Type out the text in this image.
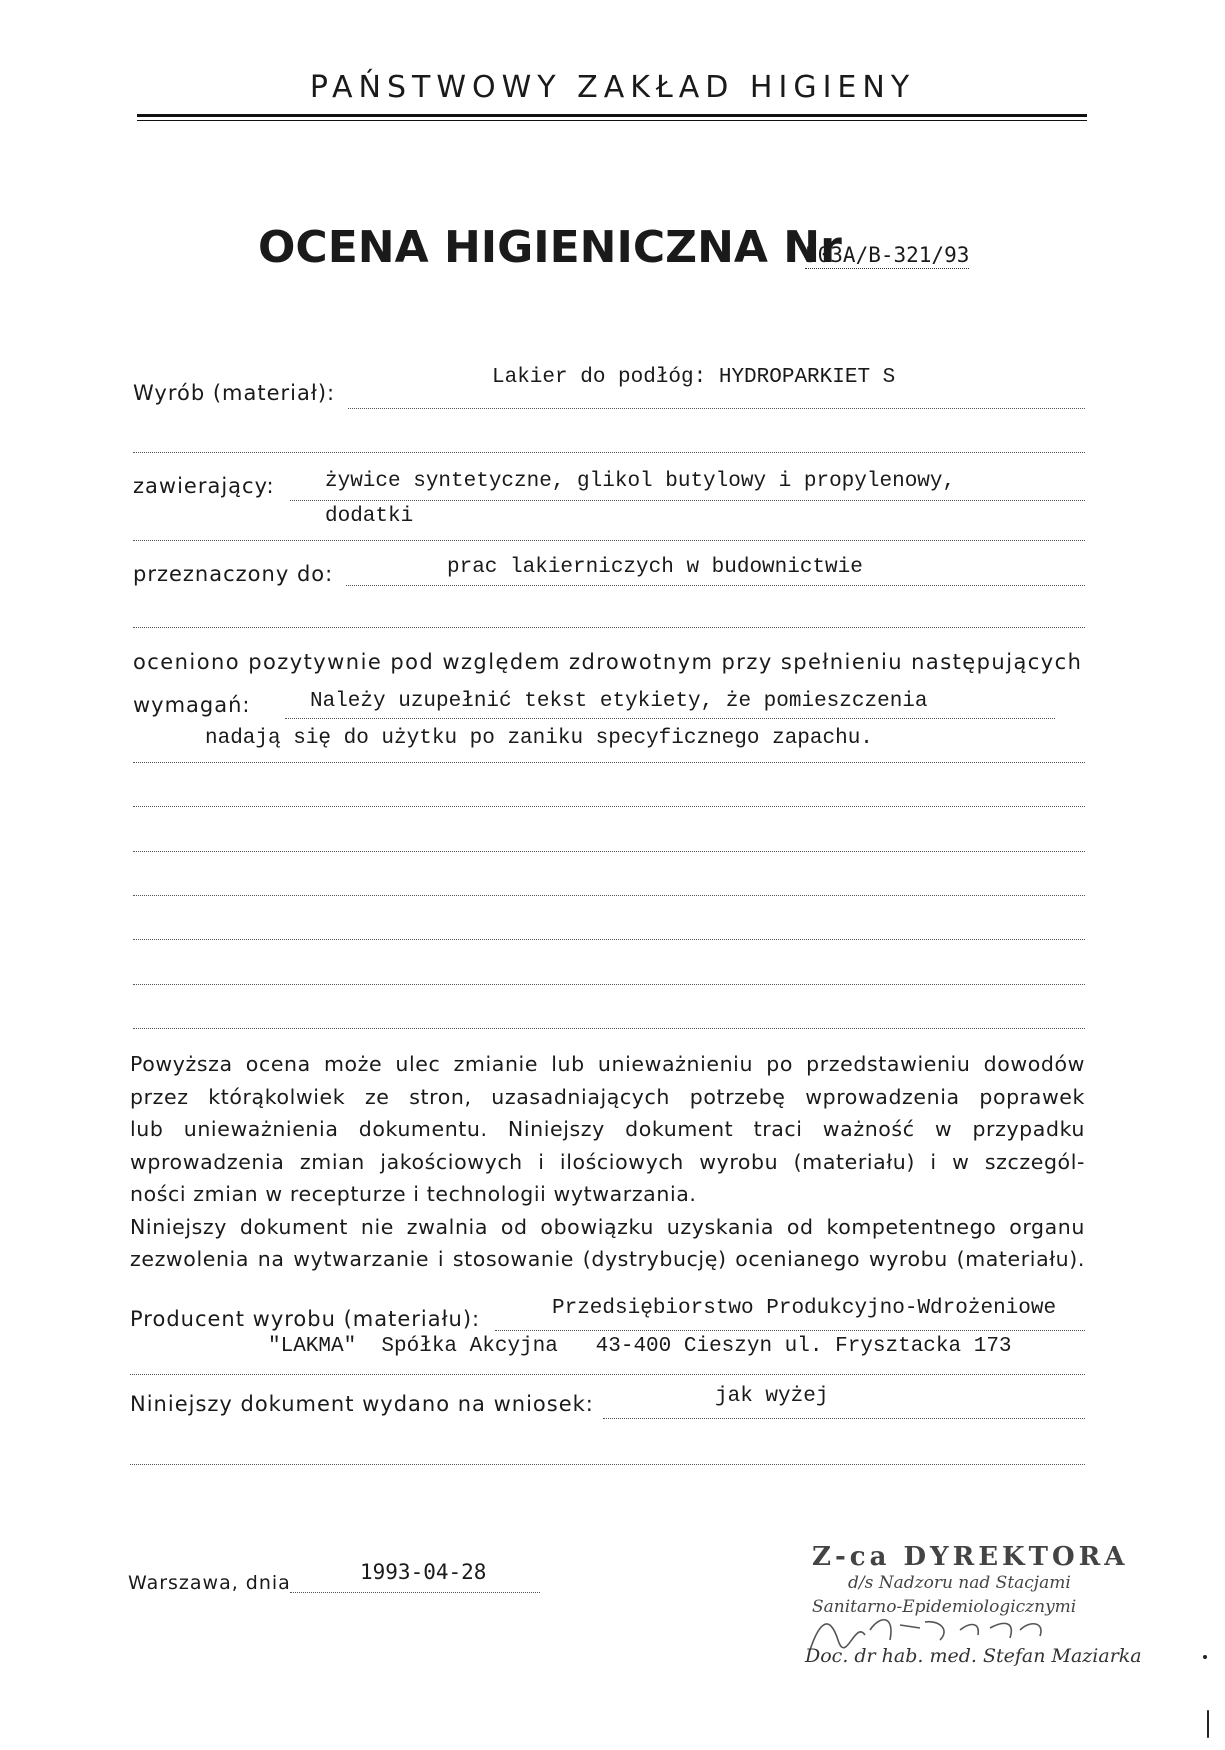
PAŃSTWOWY ZAKŁAD HIGIENY
OCENA HIGIENICZNA Nr
503A/B-321/93
Wyrób (materiał):
Lakier do podłóg: HYDROPARKIET S
zawierający: żywice syntetyczne, glikol butylowy i propylenowy,
dodatki
przeznaczony do:	prac lakierniczych w budownictwie
oceniono pozytywnie pod względem zdrowotnym przy spełnieniu następujących
wymagań:	Należy uzupełnić tekst etykiety, że pomieszczenia
nadają się do użytku po zaniku specyficznego zapachu.
Powyższa ocena może ulec zmianie lub unieważnieniu po przedstawieniu dowodów
przez którąkolwiek ze stron, uzasadniających potrzebę wprowadzenia poprawek
lub unieważnienia dokumentu. Niniejszy dokument traci ważność w przypadku
wprowadzenia zmian jakościowych i ilościowych wyrobu (materiału) i w szczegól-
ności zmian w recepturze i technologii wytwarzania.
Niniejszy dokument nie zwalnia od obowiązku uzyskania od kompetentnego organu
zezwolenia na wytwarzanie i stosowanie (dystrybucję) ocenianego wyrobu (materiału).
Producent wyrobu (materiału):	Przedsiębiorstwo Produkcyjno-Wdrożeniowe
"LAKMA"  Spółka Akcyjna   43-400 Cieszyn ul. Frysztacka 173
Niniejszy dokument wydano na wniosek:	jak wyżej
Warszawa, dnia	1993-04-28	Z-ca DYREKTORA
d/s Nadzoru nad Stacjami
Sanitarno-Epidemiologicznymi
Doc. dr hab. med. Stefan Maziarka
